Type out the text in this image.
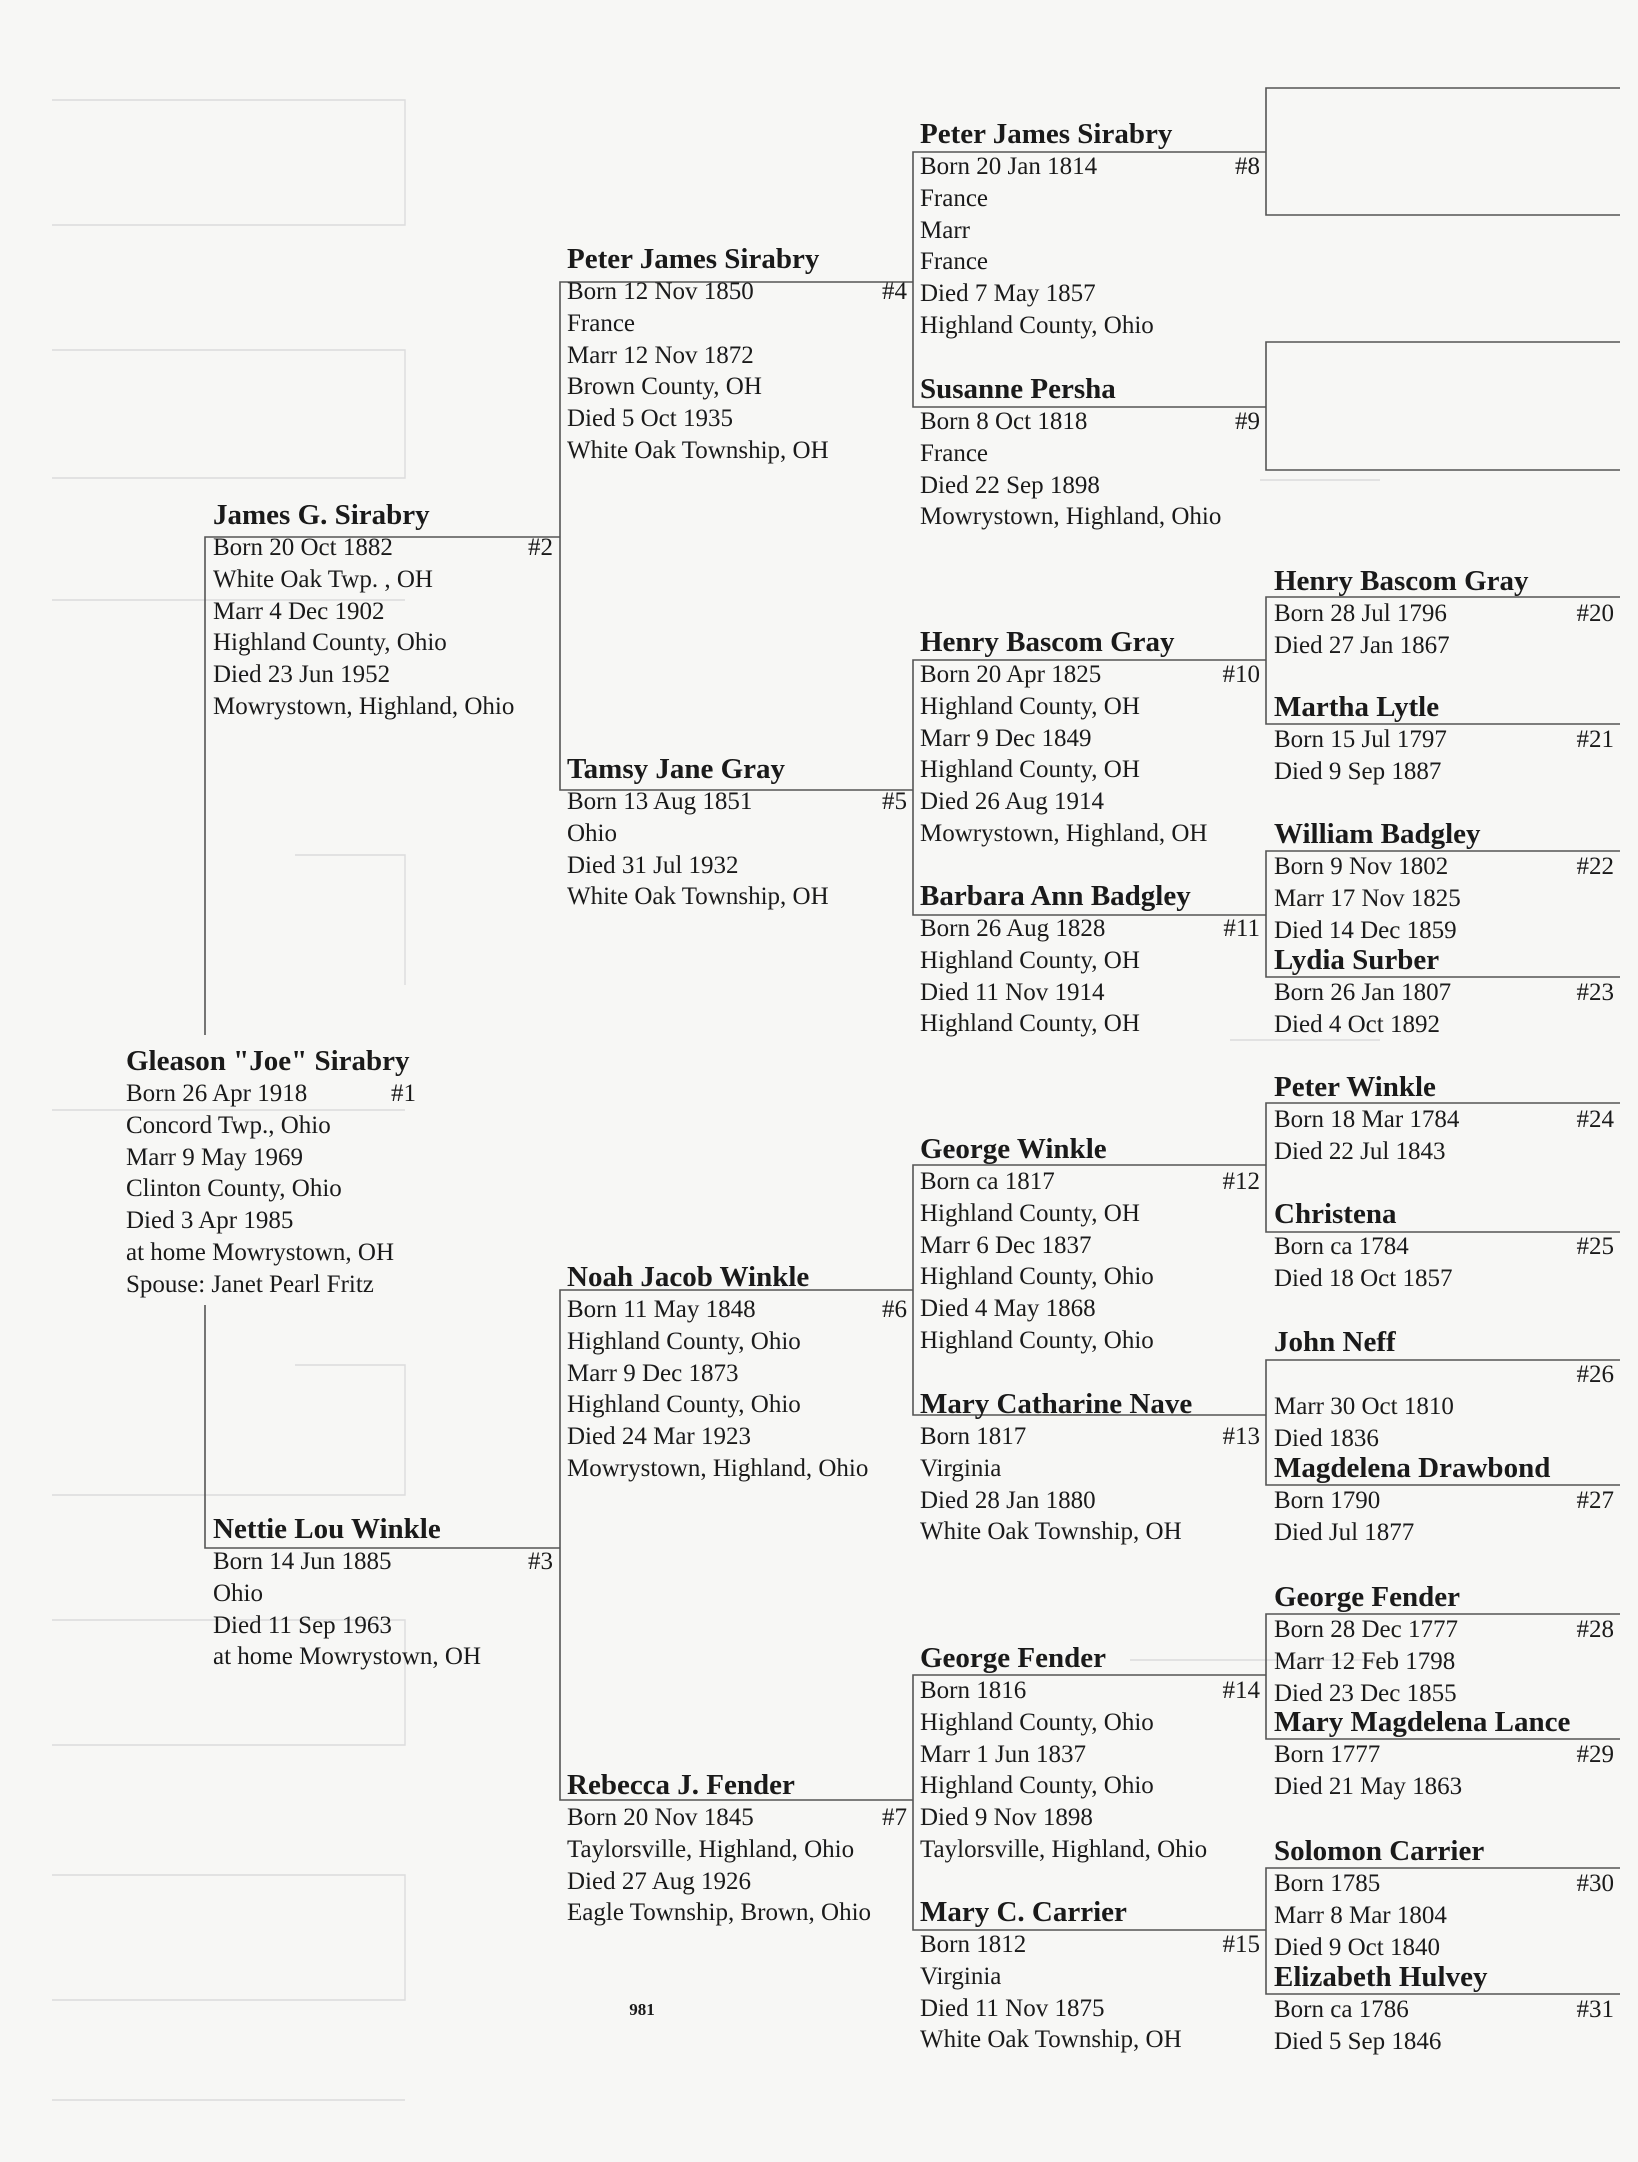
Gleason "Joe" Sirabry
Born 26 Apr 1918	#1
Concord Twp., Ohio
Marr 9 May 1969
Clinton County, Ohio
Died 3 Apr 1985
at home Mowrystown, OH
Spouse: Janet Pearl Fritz
James G. Sirabry
Born 20 Oct 1882	#2
White Oak Twp. , OH
Marr 4 Dec 1902
Highland County, Ohio
Died 23 Jun 1952
Mowrystown, Highland, Ohio
Nettie Lou Winkle
Born 14 Jun 1885	#3
Ohio
Died 11 Sep 1963
at home Mowrystown, OH
Peter James Sirabry
Born 12 Nov 1850	#4
France
Marr 12 Nov 1872
Brown County, OH
Died 5 Oct 1935
White Oak Township, OH
Tamsy Jane Gray
Born 13 Aug 1851	#5
Ohio
Died 31 Jul 1932
White Oak Township, OH
Noah Jacob Winkle
Born 11 May 1848	#6
Highland County, Ohio
Marr 9 Dec 1873
Highland County, Ohio
Died 24 Mar 1923
Mowrystown, Highland, Ohio
Rebecca J. Fender
Born 20 Nov 1845	#7
Taylorsville, Highland, Ohio
Died 27 Aug 1926
Eagle Township, Brown, Ohio
Peter James Sirabry
Born 20 Jan 1814	#8
France
Marr
France
Died 7 May 1857
Highland County, Ohio
Susanne Persha
Born 8 Oct 1818	#9
France
Died 22 Sep 1898
Mowrystown, Highland, Ohio
Henry Bascom Gray
Born 20 Apr 1825	#10
Highland County, OH
Marr 9 Dec 1849
Highland County, OH
Died 26 Aug 1914
Mowrystown, Highland, OH
Barbara Ann Badgley
Born 26 Aug 1828	#11
Highland County, OH
Died 11 Nov 1914
Highland County, OH
George Winkle
Born ca 1817	#12
Highland County, OH
Marr 6 Dec 1837
Highland County, Ohio
Died 4 May 1868
Highland County, Ohio
Mary Catharine Nave
Born 1817	#13
Virginia
Died 28 Jan 1880
White Oak Township, OH
George Fender
Born 1816	#14
Highland County, Ohio
Marr 1 Jun 1837
Highland County, Ohio
Died 9 Nov 1898
Taylorsville, Highland, Ohio
Mary C. Carrier
Born 1812	#15
Virginia
Died 11 Nov 1875
White Oak Township, OH
Henry Bascom Gray
Born 28 Jul 1796	#20
Died 27 Jan 1867
Martha Lytle
Born 15 Jul 1797	#21
Died 9 Sep 1887
William Badgley
Born 9 Nov 1802	#22
Marr 17 Nov 1825
Died 14 Dec 1859
Lydia Surber
Born 26 Jan 1807	#23
Died 4 Oct 1892
Peter Winkle
Born 18 Mar 1784	#24
Died 22 Jul 1843
Christena
Born ca 1784	#25
Died 18 Oct 1857
John Neff
#26
Marr 30 Oct 1810
Died 1836
Magdelena Drawbond
Born 1790	#27
Died Jul 1877
George Fender
Born 28 Dec 1777	#28
Marr 12 Feb 1798
Died 23 Dec 1855
Mary Magdelena Lance
Born 1777	#29
Died 21 May 1863
Solomon Carrier
Born 1785	#30
Marr 8 Mar 1804
Died 9 Oct 1840
Elizabeth Hulvey
Born ca 1786	#31
Died 5 Sep 1846
981
